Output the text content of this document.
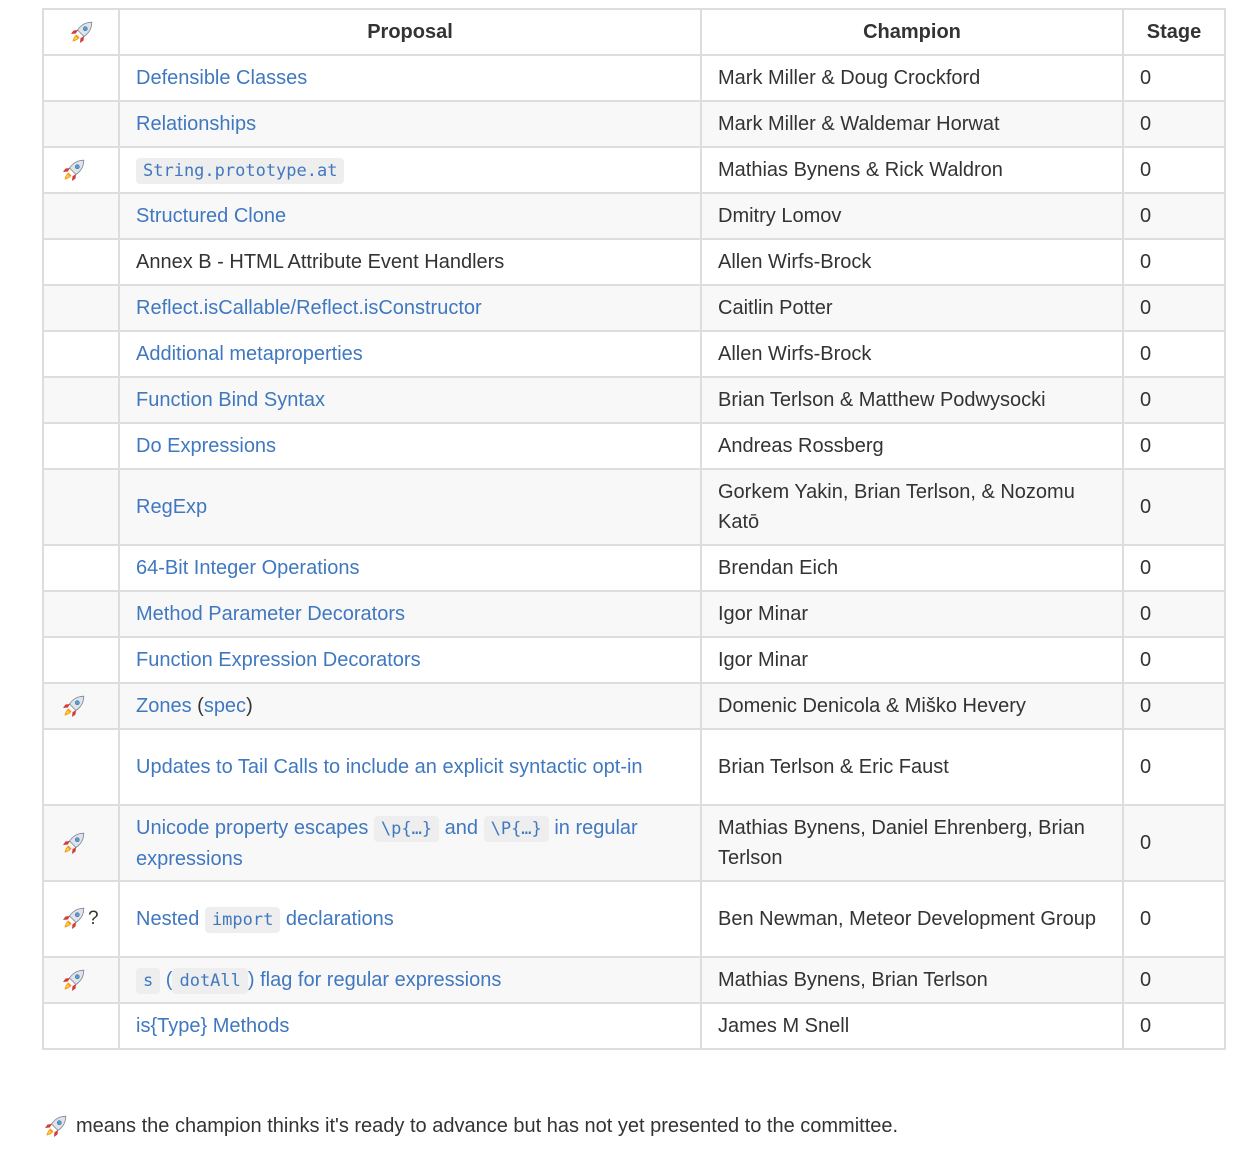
	Proposal	Champion	Stage
	Defensible Classes	Mark Miller & Doug Crockford	0
	Relationships	Mark Miller & Waldemar Horwat	0

	String.prototype.at	Mathias Bynens & Rick Waldron	0
	Structured Clone	Dmitry Lomov	0
	Annex B - HTML Attribute Event Handlers	Allen Wirfs-Brock	0
	Reflect.isCallable/Reflect.isConstructor	Caitlin Potter	0
	Additional metaproperties	Allen Wirfs-Brock	0
	Function Bind Syntax	Brian Terlson & Matthew Podwysocki	0
	Do Expressions	Andreas Rossberg	0
	RegExp	Gorkem Yakin, Brian Terlson, & Nozomu Katō	0
	64-Bit Integer Operations	Brendan Eich	0
	Method Parameter Decorators	Igor Minar	0
	Function Expression Decorators	Igor Minar	0

	Zones (spec)	Domenic Denicola & Miško Hevery	0
	Updates to Tail Calls to include an explicit syntactic opt-in	Brian Terlson & Eric Faust	0

	Unicode property escapes \p{…} and \P{…} in regular expressions	Mathias Bynens, Daniel Ehrenberg, Brian Terlson	0

?	Nested import declarations	Ben Newman, Meteor Development Group	0

	s ( dotAll ) flag for regular expressions	Mathias Bynens, Brian Terlson	0
	is{Type} Methods	James M Snell	0
means the champion thinks it's ready to advance but has not yet presented to the committee.
